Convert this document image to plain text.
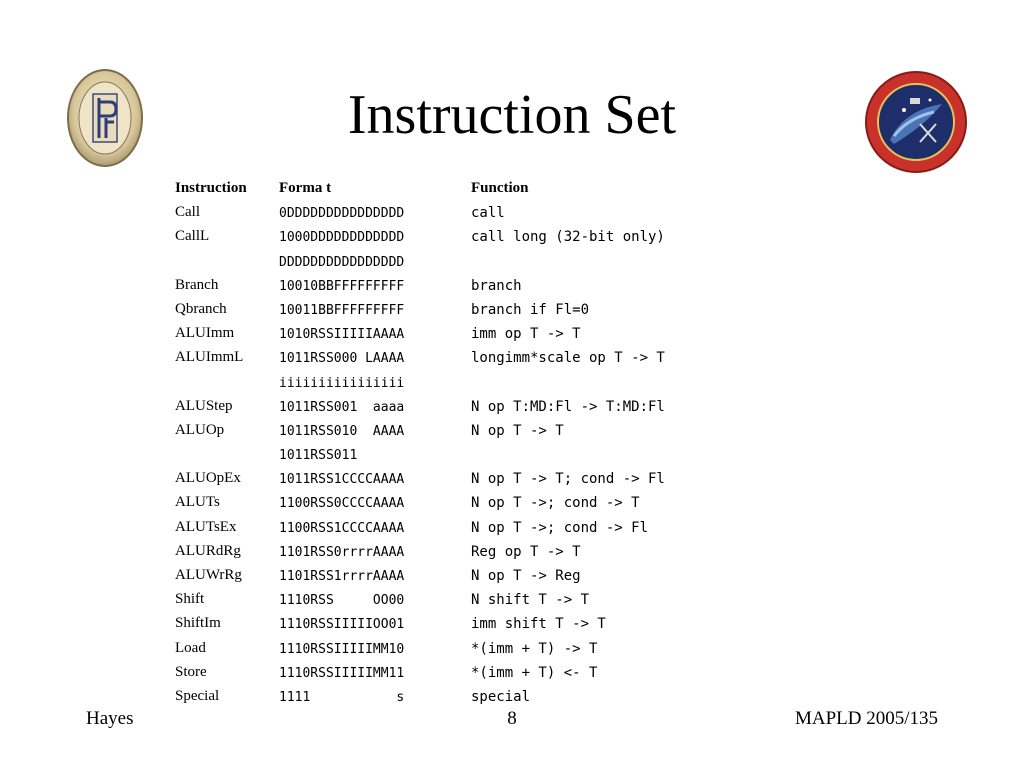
Instruction Set
Instruction	Forma t	Function
Call	0DDDDDDDDDDDDDDD	call
CallL	1000DDDDDDDDDDDD	call long (32-bit only)
	DDDDDDDDDDDDDDDD	
Branch	10010BBFFFFFFFFF	branch
Qbranch	10011BBFFFFFFFFF	branch if Fl=0
ALUImm	1010RSSIIIIIAAAA	imm op T -> T
ALUImmL	1011RSS000 LAAAA	longimm*scale op T -> T
	iiiiiiiiiiiiiiii	
ALUStep	1011RSS001  aaaa	N op T:MD:Fl -> T:MD:Fl
ALUOp	1011RSS010  AAAA	N op T -> T
	1011RSS011	
ALUOpEx	1011RSS1CCCCAAAA	N op T -> T; cond -> Fl
ALUTs	1100RSS0CCCCAAAA	N op T ->; cond -> T
ALUTsEx	1100RSS1CCCCAAAA	N op T ->; cond -> Fl
ALURdRg	1101RSS0rrrrAAAA	Reg op T -> T
ALUWrRg	1101RSS1rrrrAAAA	N op T -> Reg
Shift	1110RSS     OO00	N shift T -> T
ShiftIm	1110RSSIIIIIOO01	imm shift T -> T
Load	1110RSSIIIIIMM10	*(imm + T) -> T
Store	1110RSSIIIIIMM11	*(imm + T) <- T
Special	1111           s	special
Hayes	8	MAPLD 2005/135
